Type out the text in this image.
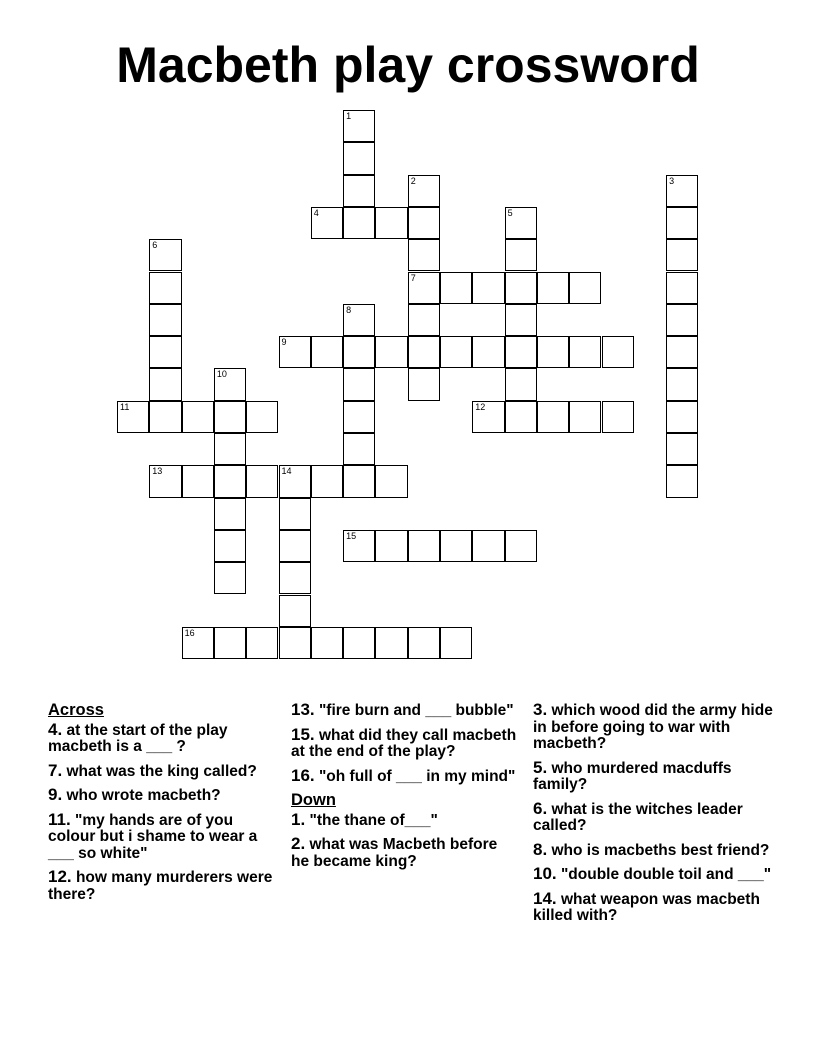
Macbeth play crossword
1
2
7
3
4	5
6
8
9
10
11	12
13	14
15
16
Across
4. at the start of the play macbeth is a ___ ?
7. what was the king called?
9. who wrote macbeth?
11. "my hands are of you colour but i shame to wear a ___ so white"
12. how many murderers were there?
13. "fire burn and ___ bubble"
15. what did they call macbeth at the end of the play?
16. "oh full of ___ in my mind"
Down
1. "the thane of___"
2. what was Macbeth before he became king?
3. which wood did the army hide in before going to war with macbeth?
5. who murdered macduffs family?
6. what is the witches leader called?
8. who is macbeths best friend?
10. "double double toil and ___"
14. what weapon was macbeth killed with?
